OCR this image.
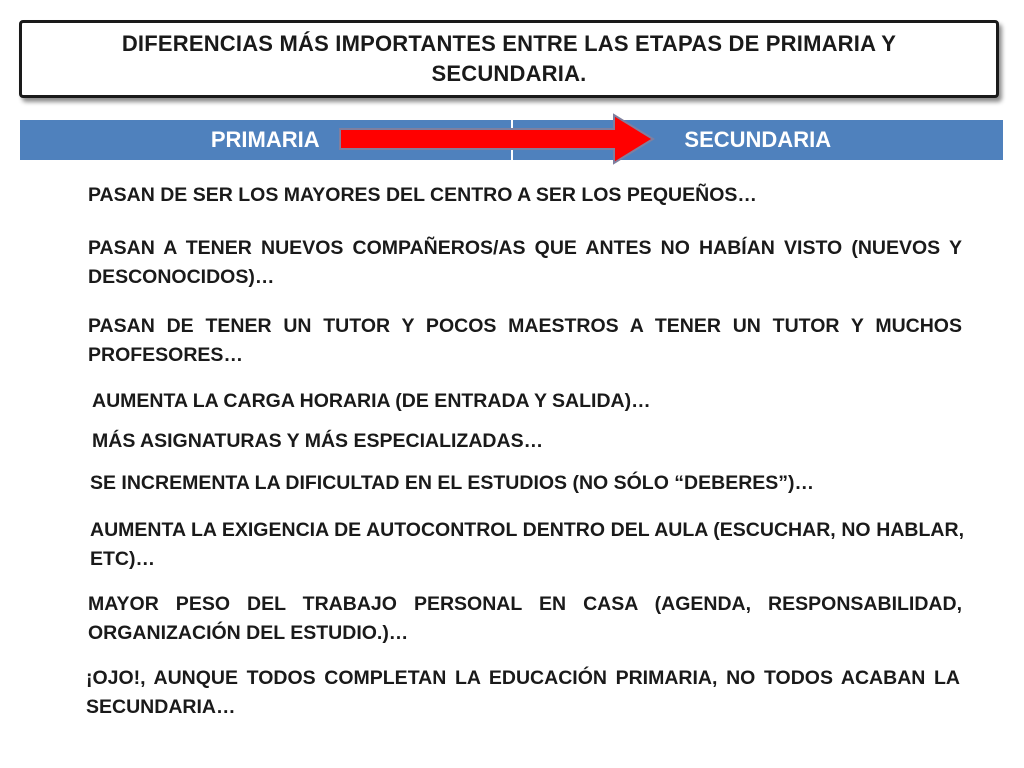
DIFERENCIAS MÁS IMPORTANTES ENTRE LAS ETAPAS DE PRIMARIA Y SECUNDARIA.
PRIMARIA	SECUNDARIA
PASAN DE SER LOS MAYORES DEL CENTRO A SER LOS PEQUEÑOS…
PASAN A TENER NUEVOS COMPAÑEROS/AS QUE ANTES NO HABÍAN VISTO (NUEVOS Y DESCONOCIDOS)…
PASAN DE TENER UN TUTOR Y POCOS MAESTROS A TENER UN TUTOR Y MUCHOS PROFESORES…
AUMENTA LA CARGA HORARIA (DE ENTRADA Y SALIDA)…
MÁS ASIGNATURAS Y MÁS ESPECIALIZADAS…
SE INCREMENTA LA DIFICULTAD EN EL ESTUDIOS (NO SÓLO “DEBERES”)…
AUMENTA LA EXIGENCIA DE AUTOCONTROL DENTRO DEL AULA (ESCUCHAR, NO HABLAR, ETC)…
MAYOR PESO DEL TRABAJO PERSONAL EN CASA (AGENDA, RESPONSABILIDAD, ORGANIZACIÓN DEL ESTUDIO.)…
¡OJO!, AUNQUE TODOS COMPLETAN LA EDUCACIÓN PRIMARIA, NO TODOS ACABAN LA SECUNDARIA…
